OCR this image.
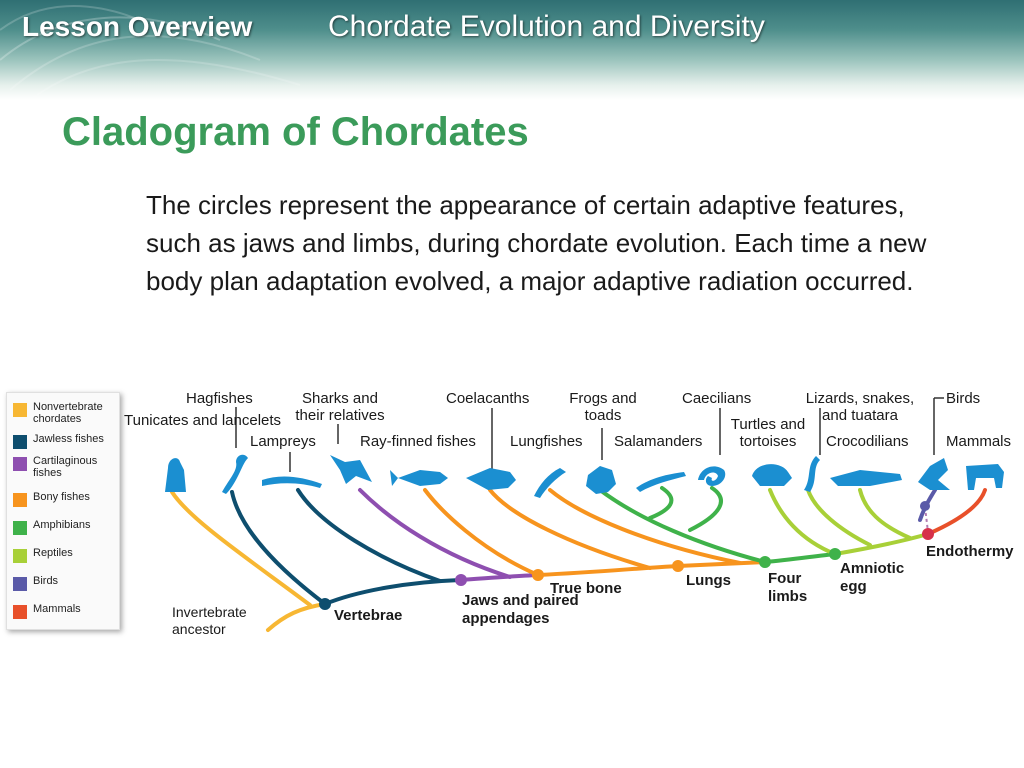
Lesson Overview	Chordate Evolution and Diversity
Cladogram of Chordates
The circles represent the appearance of certain adaptive features, such as jaws and limbs, during chordate evolution. Each time a new body plan adaptation evolved, a major adaptive radiation occurred.
Nonvertebrate chordates
Jawless fishes
Cartilaginous fishes
Bony fishes
Amphibians
Reptiles
Birds
Mammals
Tunicates and lancelets
Hagfishes
Lampreys
Sharks and their relatives
Ray-finned fishes
Coelacanths
Lungfishes
Frogs and toads
Salamanders
Caecilians
Turtles and tortoises
Lizards, snakes, and tuatara
Crocodilians
Birds
Mammals
Invertebrate ancestor
Vertebrae
Jaws and paired appendages
True bone	Lungs Four limbs
Amniotic egg
Endothermy
